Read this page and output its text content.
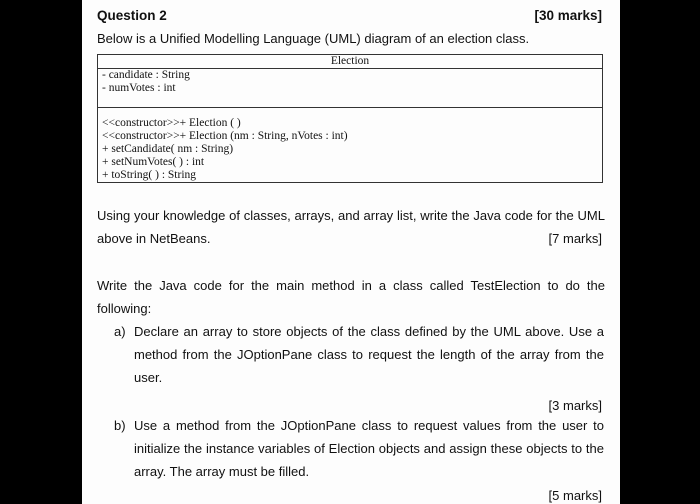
Question 2	[30 marks]
Below is a Unified Modelling Language (UML) diagram of an election class.
Election
- candidate : String
- numVotes : int
<<constructor>>+ Election ( )
<<constructor>>+ Election (nm : String, nVotes : int)
+ setCandidate( nm : String)
+ setNumVotes( ) : int
+ toString( ) : String
Using your knowledge of classes, arrays, and array list, write the Java code for the UML above in NetBeans.	[7 marks]
Write the Java code for the main method in a class called TestElection to do the following:
a) Declare an array to store objects of the class defined by the UML above. Use a method from the JOptionPane class to request the length of the array from the user.
[3 marks]
b) Use a method from the JOptionPane class to request values from the user to initialize the instance variables of Election objects and assign these objects to the array. The array must be filled.
[5 marks]
